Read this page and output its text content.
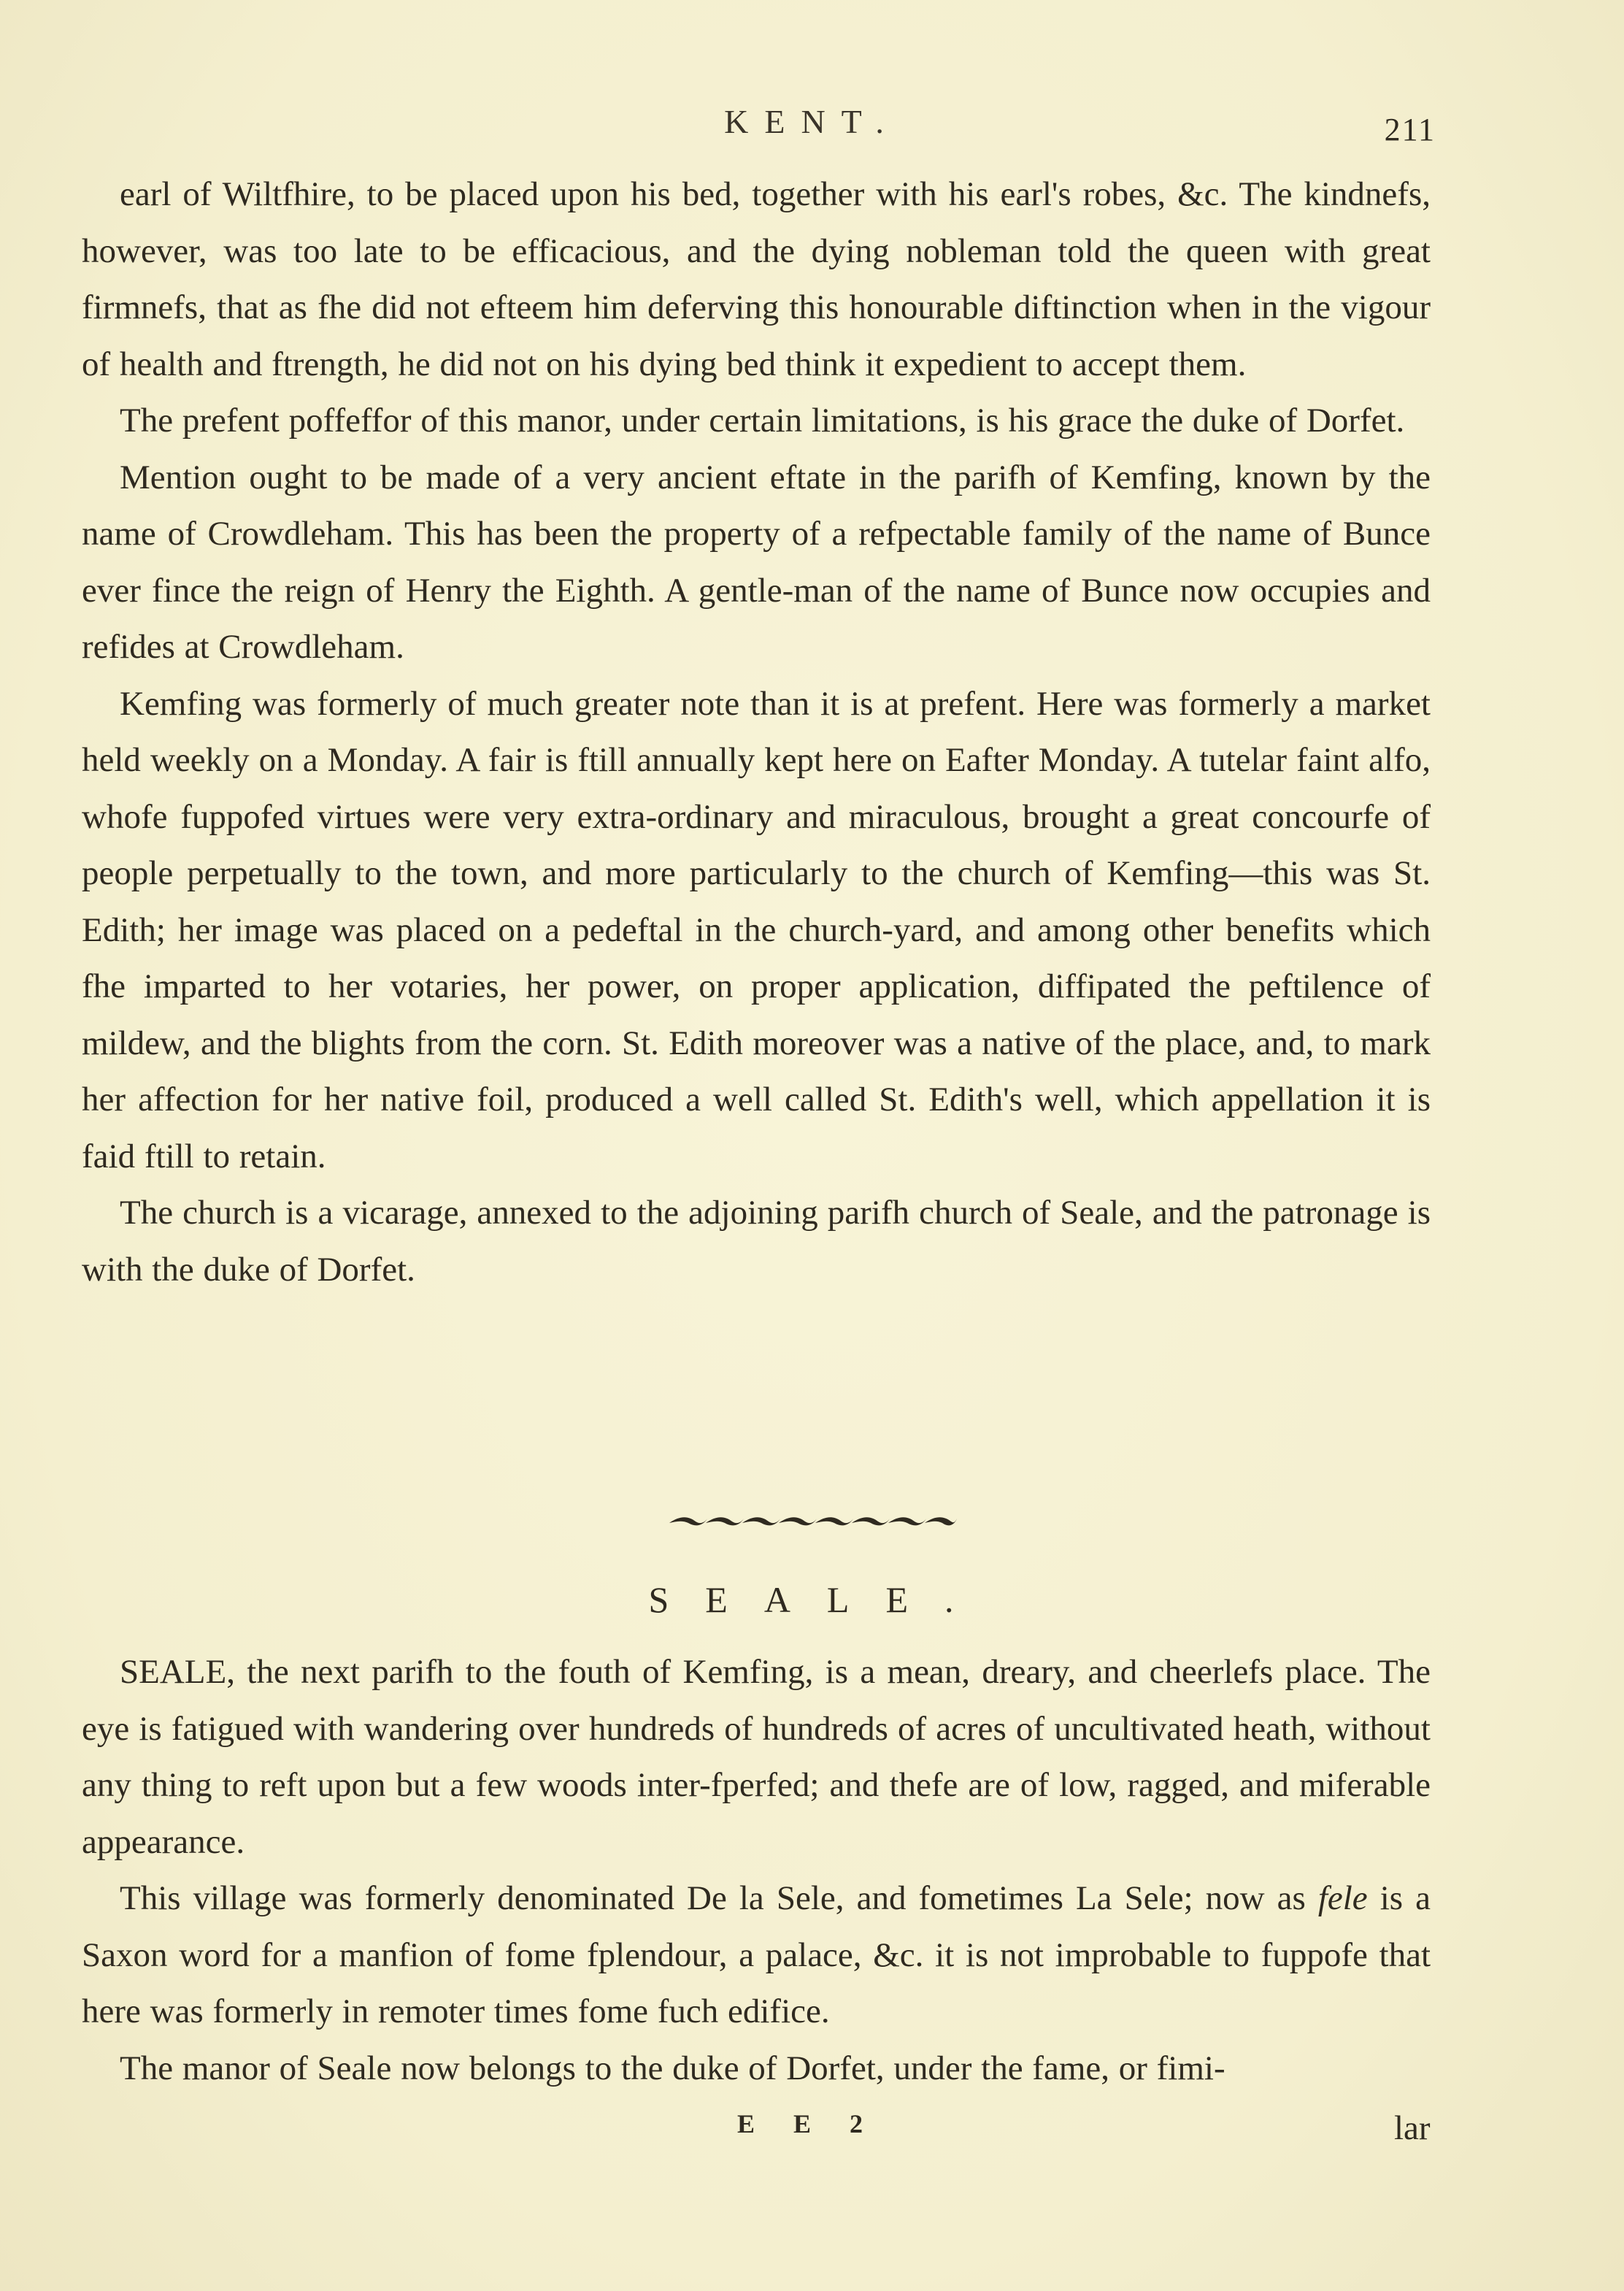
KENT.	211

earl of Wiltfhire, to be placed upon his bed, together with his earl's robes, &c. The kindnefs, however, was too late to be efficacious, and the dying nobleman told the queen with great firmnefs, that as fhe did not efteem him deferving this honourable diftinction when in the vigour of health and ftrength, he did not on his dying bed think it expedient to accept them.

The prefent poffeffor of this manor, under certain limitations, is his grace the duke of Dorfet.

Mention ought to be made of a very ancient eftate in the parifh of Kemfing, known by the name of Crowdleham. This has been the property of a refpectable family of the name of Bunce ever fince the reign of Henry the Eighth. A gentle-man of the name of Bunce now occupies and refides at Crowdleham.

Kemfing was formerly of much greater note than it is at prefent. Here was formerly a market held weekly on a Monday. A fair is ftill annually kept here on Eafter Monday. A tutelar faint alfo, whofe fuppofed virtues were very extra-ordinary and miraculous, brought a great concourfe of people perpetually to the town, and more particularly to the church of Kemfing—this was St. Edith; her image was placed on a pedeftal in the church-yard, and among other benefits which fhe imparted to her votaries, her power, on proper application, diffipated the peftilence of mildew, and the blights from the corn. St. Edith moreover was a native of the place, and, to mark her affection for her native foil, produced a well called St. Edith's well, which appellation it is faid ftill to retain.

The church is a vicarage, annexed to the adjoining parifh church of Seale, and the patronage is with the duke of Dorfet.

SEALE.

SEALE, the next parifh to the fouth of Kemfing, is a mean, dreary, and cheerlefs place. The eye is fatigued with wandering over hundreds of hundreds of acres of uncultivated heath, without any thing to reft upon but a few woods inter-fperfed; and thefe are of low, ragged, and miferable appearance.

This village was formerly denominated De la Sele, and fometimes La Sele; now as fele is a Saxon word for a manfion of fome fplendour, a palace, &c. it is not improbable to fuppofe that here was formerly in remoter times fome fuch edifice.

The manor of Seale now belongs to the duke of Dorfet, under the fame, or fimi-

E E 2	lar
